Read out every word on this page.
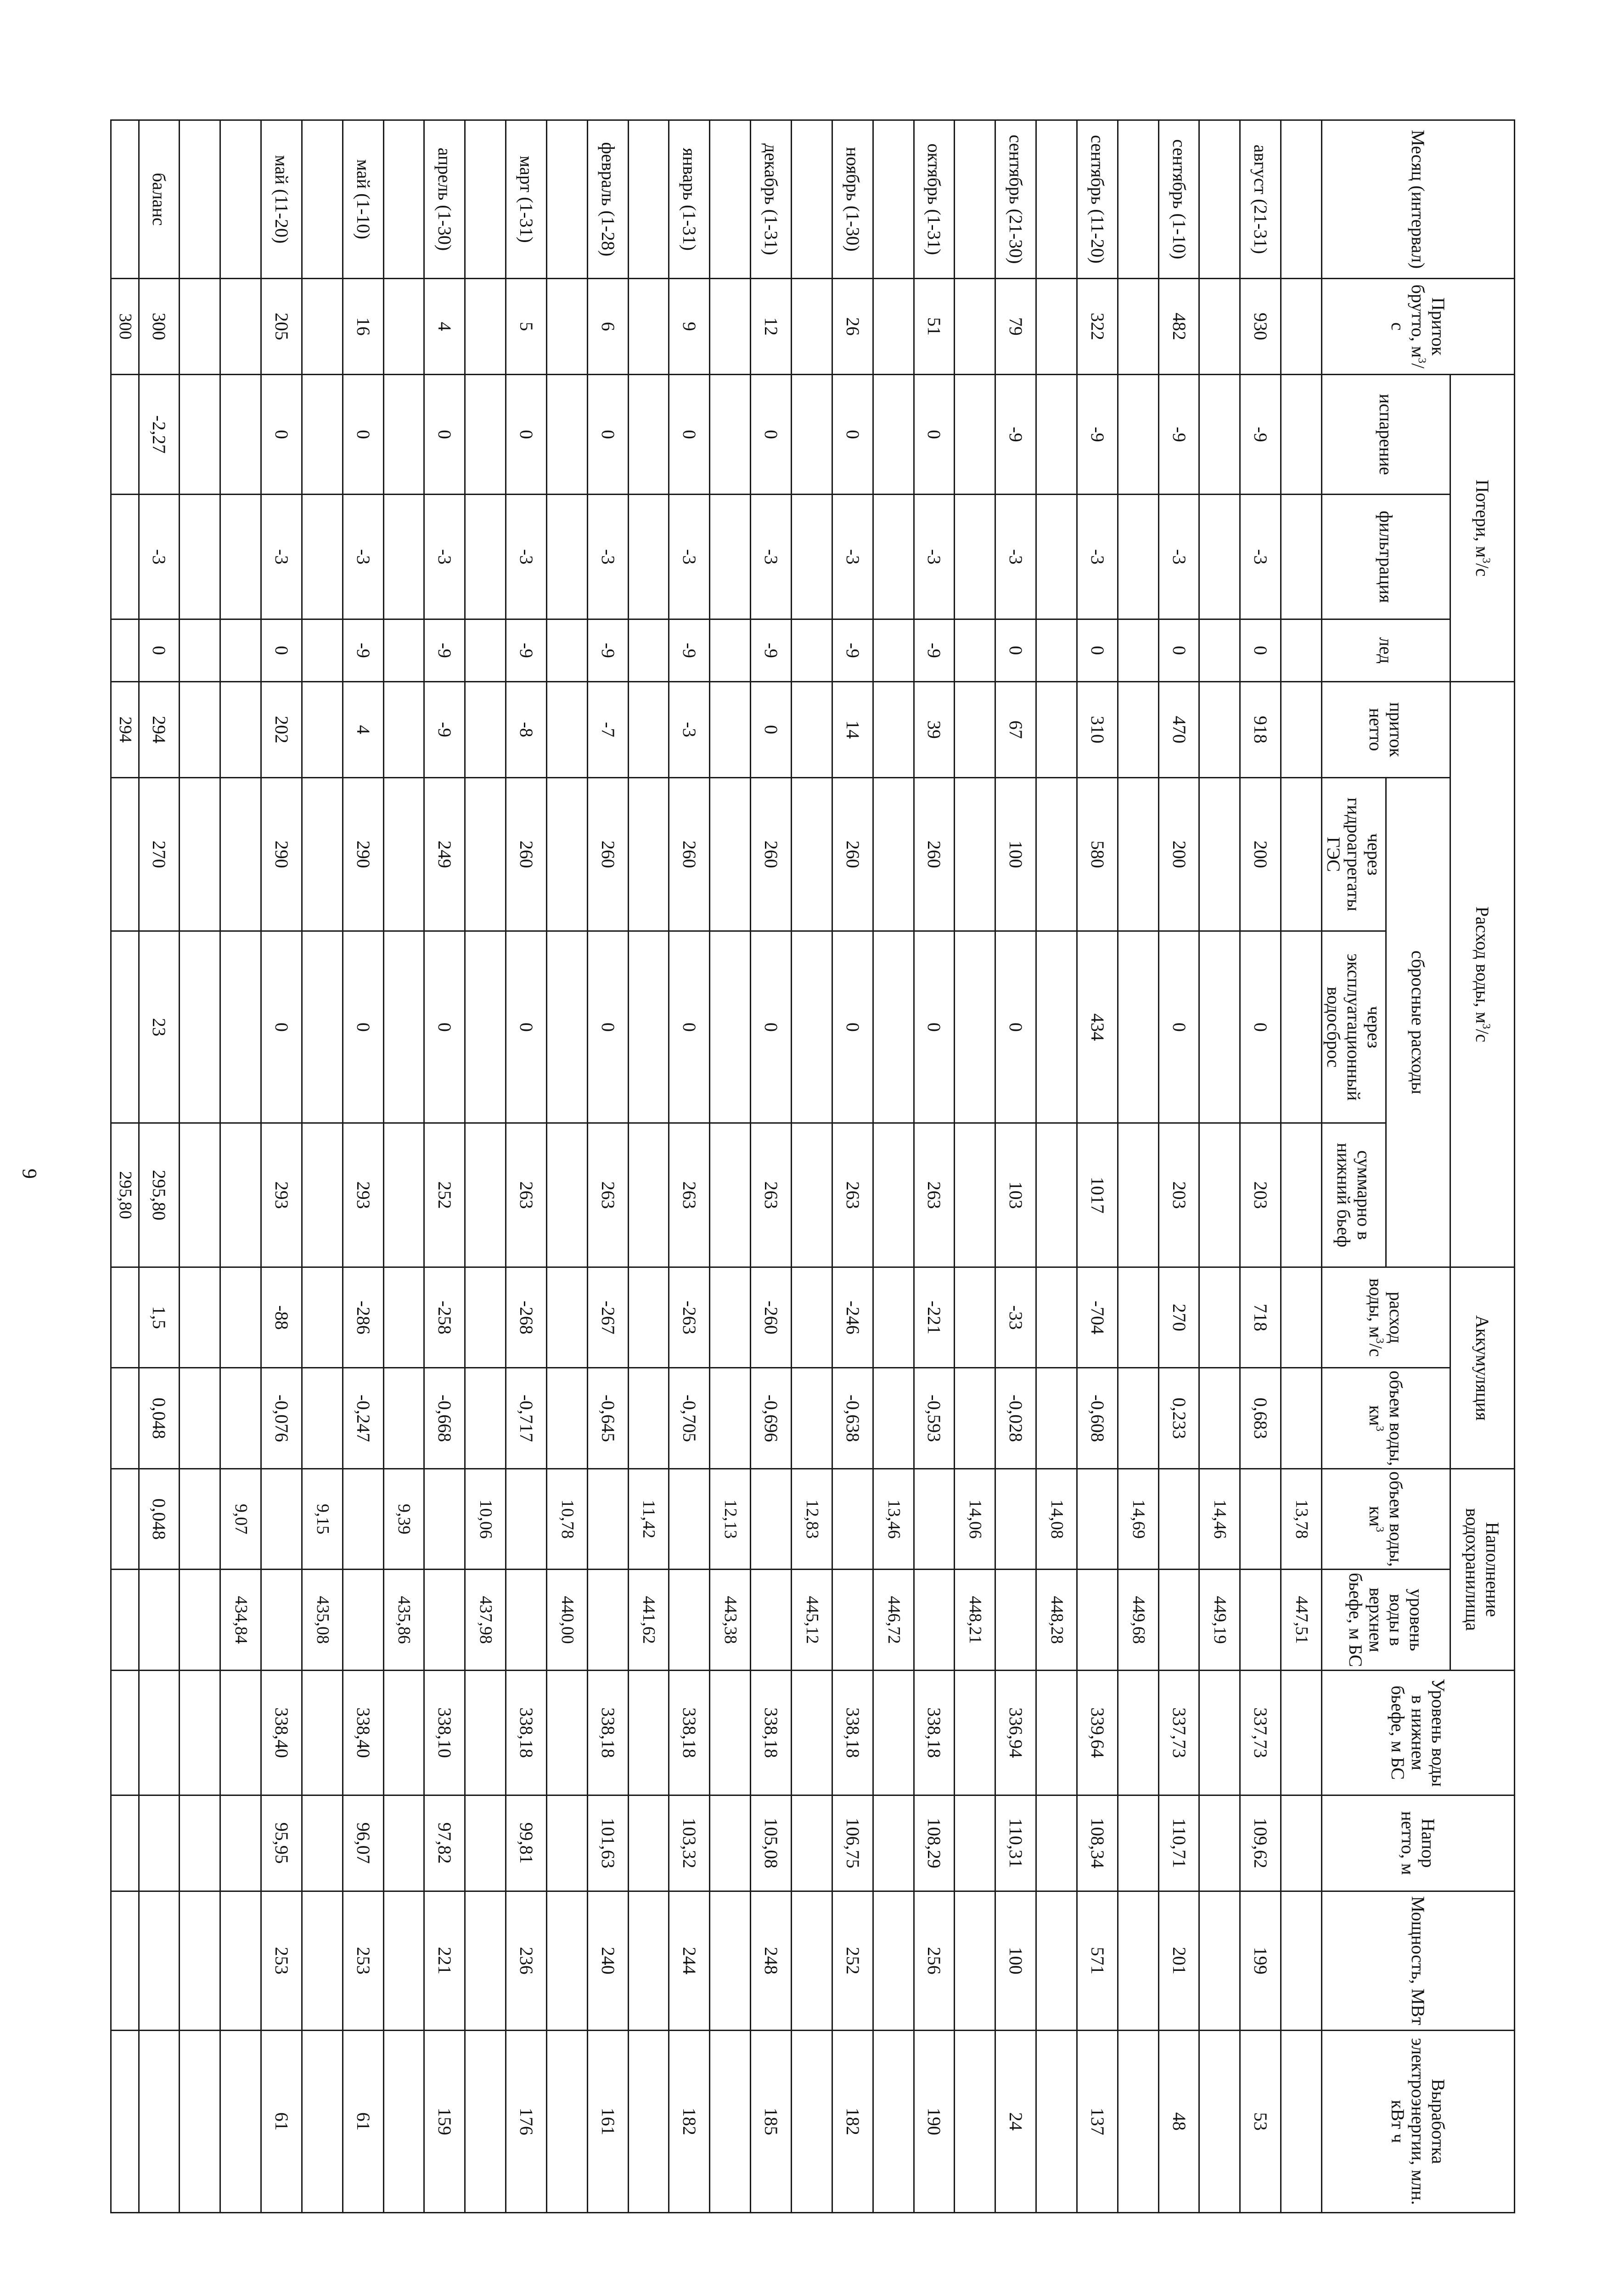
9
Месяц (интервал)	Приток брутто, $м^3/с$	Потери, $м^3/с$			Расход воды, $м^3/с$				Аккумуляция		Наполнение водохранилища		Уровень воды в нижнем бьефе, м БС	Напор нетто, м	Мощность, МВт	Выработка электроэнергии, млн. кВт ч
		испарение	фильтрация	лед	приток нетто	сбросные расходы			расход воды, $м^3/с$	объем воды, $км^3$	объем воды, $км^3$	уровень воды в верхнем бьефе, м БС				
						через гидроагрегаты ГЭС	через эксплуатационный водосброс	суммарно в нижний бьеф								
											13,78	447,51				
август (21-31)	930	-9	-3	0	918	200	0	203	718	0,683			337,73	109,62	199	53
											14,46	449,19				
сентябрь (1-10)	482	-9	-3	0	470	200	0	203	270	0,233			337,73	110,71	201	48
											14,69	449,68				
сентябрь (11-20)	322	-9	-3	0	310	580	434	1017	-704	-0,608			339,64	108,34	571	137
											14,08	448,28				
сентябрь (21-30)	79	-9	-3	0	67	100	0	103	-33	-0,028			336,94	110,31	100	24
											14,06	448,21				
октябрь (1-31)	51	0	-3	-9	39	260	0	263	-221	-0,593			338,18	108,29	256	190
											13,46	446,72				
ноябрь (1-30)	26	0	-3	-9	14	260	0	263	-246	-0,638			338,18	106,75	252	182
											12,83	445,12				
декабрь (1-31)	12	0	-3	-9	0	260	0	263	-260	-0,696			338,18	105,08	248	185
											12,13	443,38				
январь (1-31)	9	0	-3	-9	-3	260	0	263	-263	-0,705			338,18	103,32	244	182
											11,42	441,62				
февраль (1-28)	6	0	-3	-9	-7	260	0	263	-267	-0,645			338,18	101,63	240	161
											10,78	440,00				
март (1-31)	5	0	-3	-9	-8	260	0	263	-268	-0,717			338,18	99,81	236	176
											10,06	437,98				
апрель (1-30)	4	0	-3	-9	-9	249	0	252	-258	-0,668			338,10	97,82	221	159
											9,39	435,86				
май (1-10)	16	0	-3	-9	4	290	0	293	-286	-0,247			338,40	96,07	253	61
											9,15	435,08				
май (11-20)	205	0	-3	0	202	290	0	293	-88	-0,076			338,40	95,95	253	61
											9,07	434,84				

баланс	300	-2,27	-3	0	294	270	23	295,80	1,5	0,048	0,048					
	300				294			295,80								
